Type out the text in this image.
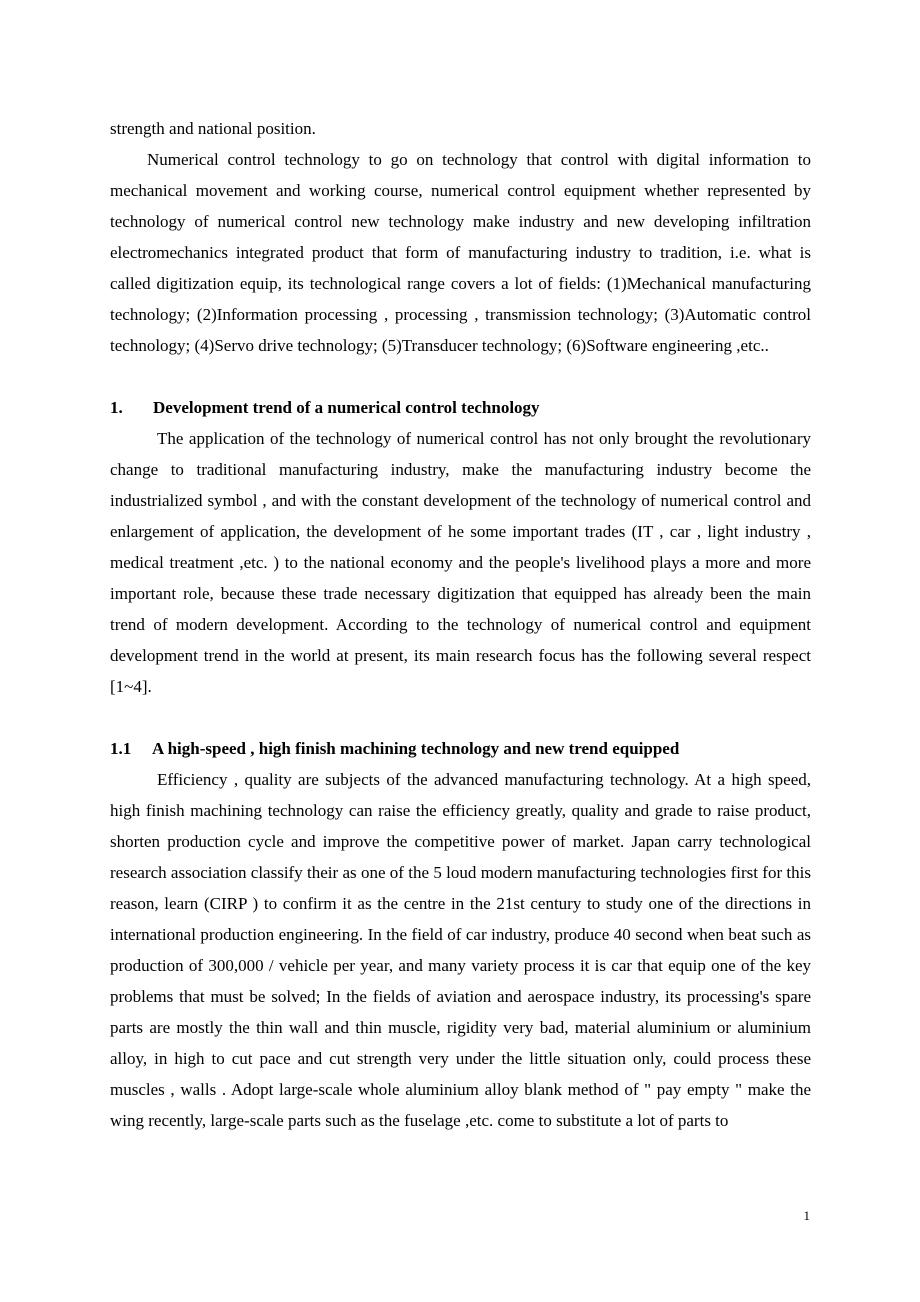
strength and national position.

Numerical control technology to go on technology that control with digital information to mechanical movement and working course, numerical control equipment whether represented by technology of numerical control new technology make industry and new developing infiltration electromechanics integrated product that form of manufacturing industry to tradition, i.e. what is called digitization equip, its technological range covers a lot of fields: (1)Mechanical manufacturing technology; (2)Information processing , processing , transmission technology; (3)Automatic control technology; (4)Servo drive technology; (5)Transducer technology; (6)Software engineering ,etc..

1. Development trend of a numerical control technology

The application of the technology of numerical control has not only brought the revolutionary change to traditional manufacturing industry, make the manufacturing industry become the industrialized symbol , and with the constant development of the technology of numerical control and enlargement of application, the development of he some important trades (IT , car , light industry , medical treatment ,etc. ) to the national economy and the people's livelihood plays a more and more important role, because these trade necessary digitization that equipped has already been the main trend of modern development. According to the technology of numerical control and equipment development trend in the world at present, its main research focus has the following several respect [1~4].

1.1 A high-speed , high finish machining technology and new trend equipped

Efficiency , quality are subjects of the advanced manufacturing technology. At a high speed, high finish machining technology can raise the efficiency greatly, quality and grade to raise product, shorten production cycle and improve the competitive power of market. Japan carry technological research association classify their as one of the 5 loud modern manufacturing technologies first for this reason, learn (CIRP ) to confirm it as the centre in the 21st century to study one of the directions in international production engineering. In the field of car industry, produce 40 second when beat such as production of 300,000 / vehicle per year, and many variety process it is car that equip one of the key problems that must be solved; In the fields of aviation and aerospace industry, its processing's spare parts are mostly the thin wall and thin muscle, rigidity very bad, material aluminium or aluminium alloy, in high to cut pace and cut strength very under the little situation only, could process these muscles , walls . Adopt large-scale whole aluminium alloy blank method of " pay empty " make the wing recently, large-scale parts such as the fuselage ,etc. come to substitute a lot of parts to

1
